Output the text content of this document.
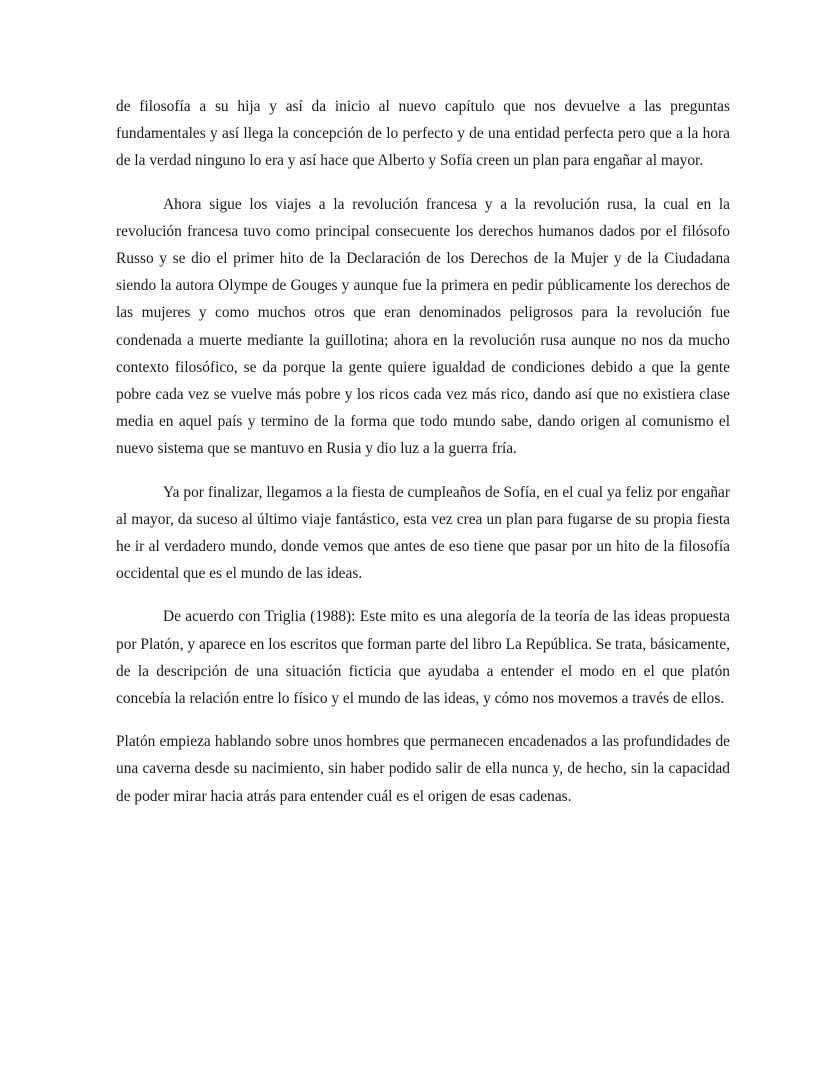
de filosofía a su hija y así da inicio al nuevo capítulo que nos devuelve a las preguntas fundamentales y así llega la concepción de lo perfecto y de una entidad perfecta pero que a la hora de la verdad ninguno lo era y así hace que Alberto y Sofía creen un plan para engañar al mayor.

Ahora sigue los viajes a la revolución francesa y a la revolución rusa, la cual en la revolución francesa tuvo como principal consecuente los derechos humanos dados por el filósofo Russo y se dio el primer hito de la Declaración de los Derechos de la Mujer y de la Ciudadana siendo la autora Olympe de Gouges y aunque fue la primera en pedir públicamente los derechos de las mujeres y como muchos otros que eran denominados peligrosos para la revolución fue condenada a muerte mediante la guillotina; ahora en la revolución rusa aunque no nos da mucho contexto filosófico, se da porque la gente quiere igualdad de condiciones debido a que la gente pobre cada vez se vuelve más pobre y los ricos cada vez más rico, dando así que no existiera clase media en aquel país y termino de la forma que todo mundo sabe, dando origen al comunismo el nuevo sistema que se mantuvo en Rusia y dio luz a la guerra fría.

Ya por finalizar, llegamos a la fiesta de cumpleaños de Sofía, en el cual ya feliz por engañar al mayor, da suceso al último viaje fantástico, esta vez crea un plan para fugarse de su propia fiesta he ir al verdadero mundo, donde vemos que antes de eso tiene que pasar por un hito de la filosofía occidental que es el mundo de las ideas.

De acuerdo con Triglia (1988): Este mito es una alegoría de la teoría de las ideas propuesta por Platón, y aparece en los escritos que forman parte del libro La República. Se trata, básicamente, de la descripción de una situación ficticia que ayudaba a entender el modo en el que platón concebía la relación entre lo físico y el mundo de las ideas, y cómo nos movemos a través de ellos.

Platón empieza hablando sobre unos hombres que permanecen encadenados a las profundidades de una caverna desde su nacimiento, sin haber podido salir de ella nunca y, de hecho, sin la capacidad de poder mirar hacia atrás para entender cuál es el origen de esas cadenas.
